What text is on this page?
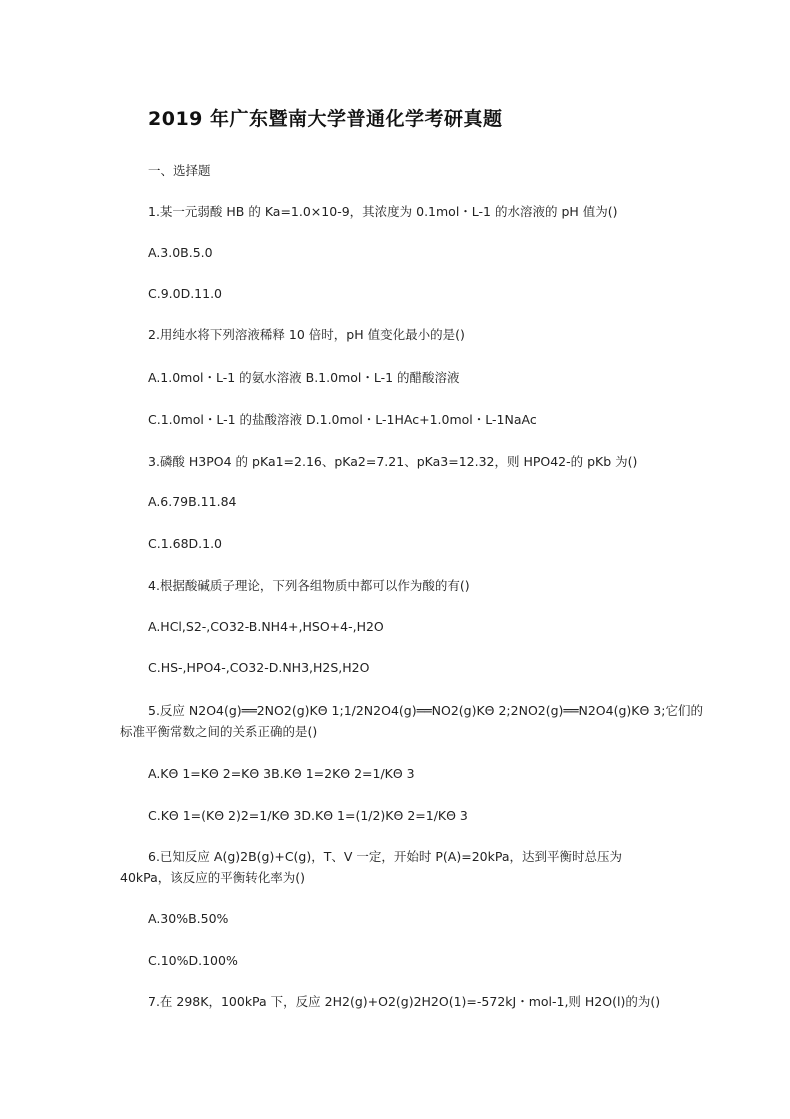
2019 年广东暨南大学普通化学考研真题
一、选择题
1.某一元弱酸 HB 的 Ka=1.0×10-9，其浓度为 0.1mol・L-1 的水溶液的 pH 值为()
A.3.0B.5.0
C.9.0D.11.0
2.用纯水将下列溶液稀释 10 倍时，pH 值变化最小的是()
A.1.0mol・L-1 的氨水溶液 B.1.0mol・L-1 的醋酸溶液
C.1.0mol・L-1 的盐酸溶液 D.1.0mol・L-1HAc+1.0mol・L-1NaAc
3.磷酸 H3PO4 的 pKa1=2.16、pKa2=7.21、pKa3=12.32，则 HPO42-的 pKb 为()
A.6.79B.11.84
C.1.68D.1.0
4.根据酸碱质子理论，下列各组物质中都可以作为酸的有()
A.HCl,S2-,CO32-B.NH4+,HSO+4-,H2O
C.HS-,HPO4-,CO32-D.NH3,H2S,H2O
5.反应 N2O4(g)══2NO2(g)KΘ 1;1/2N2O4(g)══NO2(g)KΘ 2;2NO2(g)══N2O4(g)KΘ 3;它们的
标准平衡常数之间的关系正确的是()
A.KΘ 1=KΘ 2=KΘ 3B.KΘ 1=2KΘ 2=1/KΘ 3
C.KΘ 1=(KΘ 2)2=1/KΘ 3D.KΘ 1=(1/2)KΘ 2=1/KΘ 3
6.已知反应 A(g)2B(g)+C(g)，T、V 一定，开始时 P(A)=20kPa，达到平衡时总压为
40kPa，该反应的平衡转化率为()
A.30%B.50%
C.10%D.100%
7.在 298K，100kPa 下，反应 2H2(g)+O2(g)2H2O(1)=-572kJ・mol-1,则 H2O(l)的为()
